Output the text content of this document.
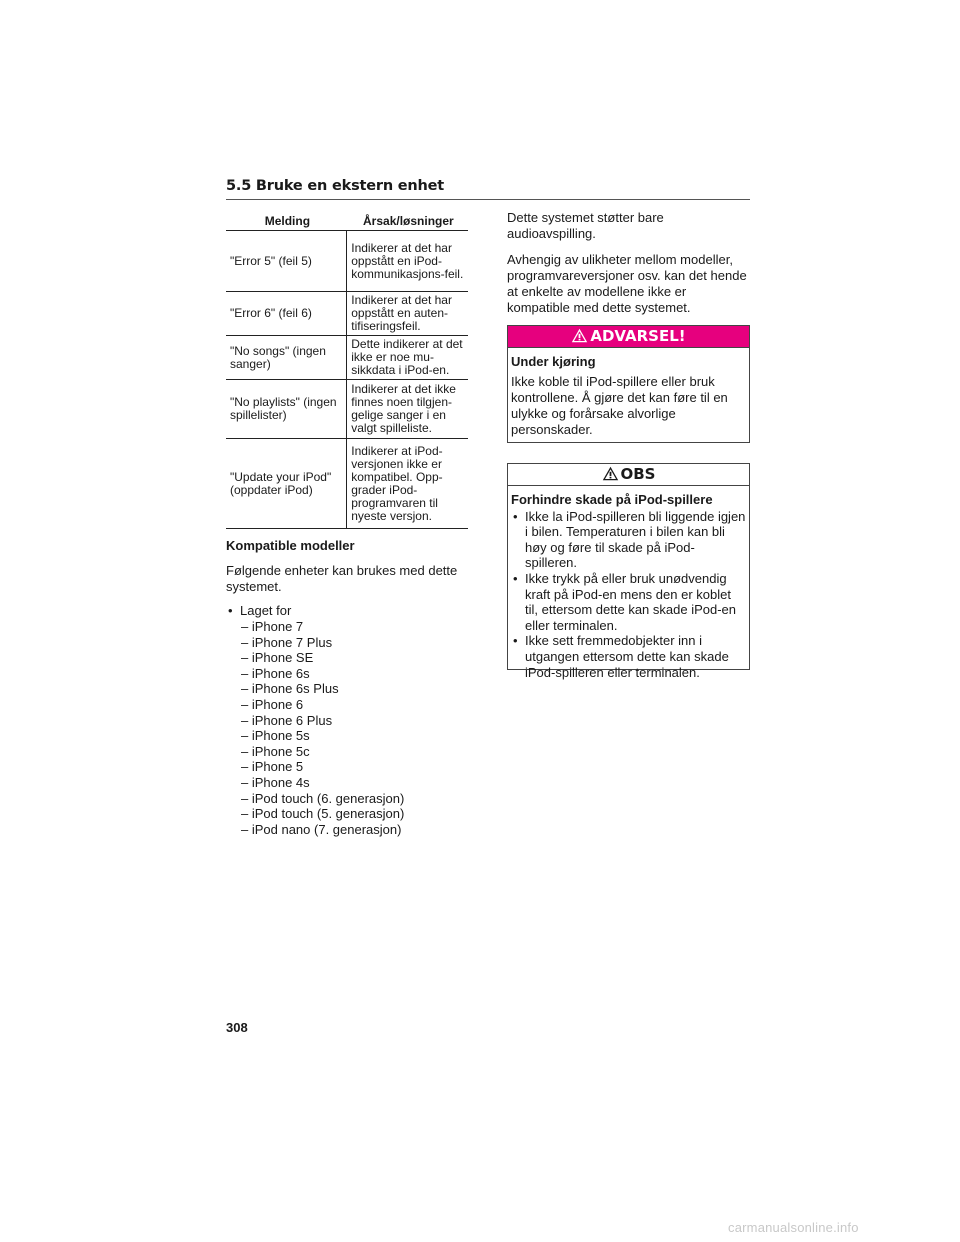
5.5 Bruke en ekstern enhet
Melding	Årsak/løsninger
"Error 5" (feil 5)	Indikerer at det har oppstått en iPod-kommunikasjons-feil.
"Error 6" (feil 6)	Indikerer at det har oppstått en auten-tifiseringsfeil.
"No songs" (ingen sanger)	Dette indikerer at det ikke er noe mu-sikkdata i iPod-en.
"No playlists" (ingen spillelister)	Indikerer at det ikke finnes noen tilgjen-gelige sanger i en valgt spilleliste.
"Update your iPod" (oppdater iPod)	Indikerer at iPod-versjonen ikke er kompatibel. Opp-grader iPod-programvaren til nyeste versjon.
Kompatible modeller
Følgende enheter kan brukes med dette systemet.
• Laget for
– iPhone 7
– iPhone 7 Plus
– iPhone SE
– iPhone 6s
– iPhone 6s Plus
– iPhone 6
– iPhone 6 Plus
– iPhone 5s
– iPhone 5c
– iPhone 5
– iPhone 4s
– iPod touch (6. generasjon)
– iPod touch (5. generasjon)
– iPod nano (7. generasjon)

Dette systemet støtter bare audioavspilling.

Avhengig av ulikheter mellom modeller, programvareversjoner osv. kan det hende at enkelte av modellene ikke er kompatible med dette systemet.

ADVARSEL!
Under kjøring
Ikke koble til iPod-spillere eller bruk kontrollene. Å gjøre det kan føre til en ulykke og forårsake alvorlige personskader.
OBS
Forhindre skade på iPod-spillere
• Ikke la iPod-spilleren bli liggende igjen i bilen. Temperaturen i bilen kan bli høy og føre til skade på iPod-spilleren.
• Ikke trykk på eller bruk unødvendig kraft på iPod-en mens den er koblet til, ettersom dette kan skade iPod-en eller terminalen.
• Ikke sett fremmedobjekter inn i utgangen ettersom dette kan skade iPod-spilleren eller terminalen.
308
carmanualsonline.info
